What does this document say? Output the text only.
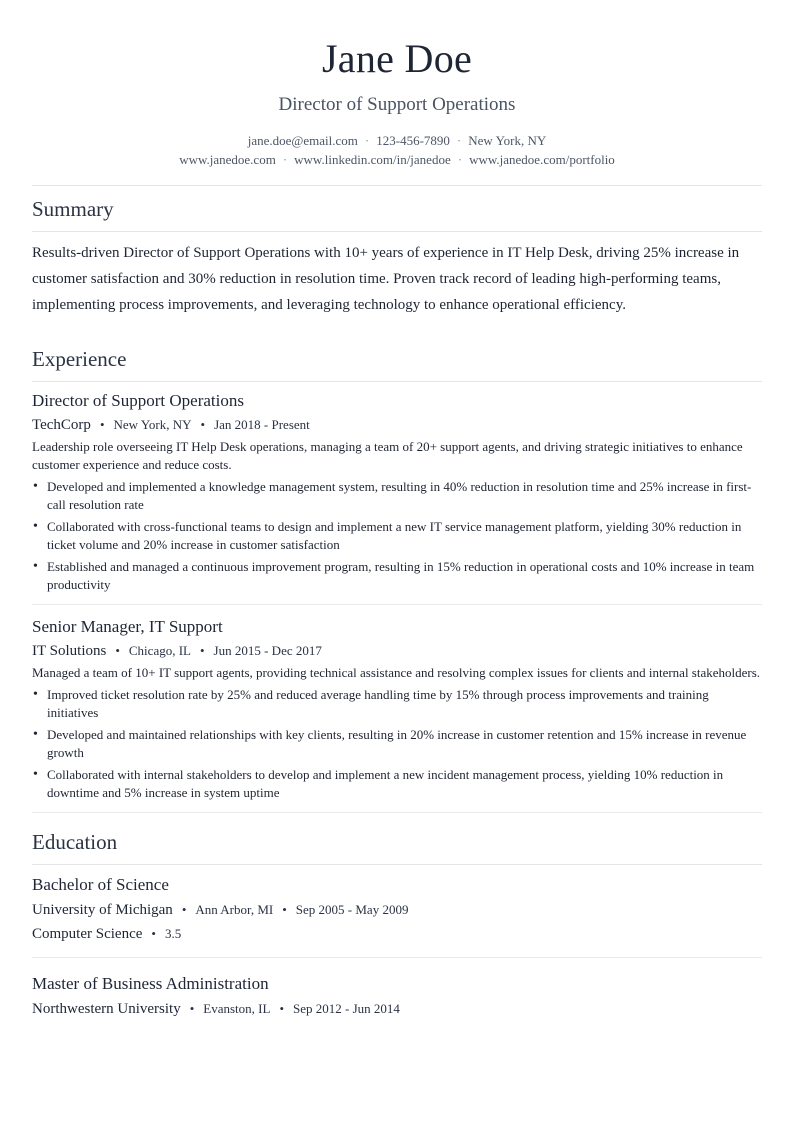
Jane Doe
Director of Support Operations
jane.doe@email.com · 123-456-7890 · New York, NY
www.janedoe.com · www.linkedin.com/in/janedoe · www.janedoe.com/portfolio
Summary
Results-driven Director of Support Operations with 10+ years of experience in IT Help Desk, driving 25% increase in customer satisfaction and 30% reduction in resolution time. Proven track record of leading high-performing teams, implementing process improvements, and leveraging technology to enhance operational efficiency.
Experience
Director of Support Operations
TechCorp • New York, NY • Jan 2018 - Present
Leadership role overseeing IT Help Desk operations, managing a team of 20+ support agents, and driving strategic initiatives to enhance customer experience and reduce costs.
• Developed and implemented a knowledge management system, resulting in 40% reduction in resolution time and 25% increase in first-call resolution rate
• Collaborated with cross-functional teams to design and implement a new IT service management platform, yielding 30% reduction in ticket volume and 20% increase in customer satisfaction
• Established and managed a continuous improvement program, resulting in 15% reduction in operational costs and 10% increase in team productivity
Senior Manager, IT Support
IT Solutions • Chicago, IL • Jun 2015 - Dec 2017
Managed a team of 10+ IT support agents, providing technical assistance and resolving complex issues for clients and internal stakeholders.
• Improved ticket resolution rate by 25% and reduced average handling time by 15% through process improvements and training initiatives
• Developed and maintained relationships with key clients, resulting in 20% increase in customer retention and 15% increase in revenue growth
• Collaborated with internal stakeholders to develop and implement a new incident management process, yielding 10% reduction in downtime and 5% increase in system uptime
Education
Bachelor of Science
University of Michigan • Ann Arbor, MI • Sep 2005 - May 2009
Computer Science • 3.5
Master of Business Administration
Northwestern University • Evanston, IL • Sep 2012 - Jun 2014
